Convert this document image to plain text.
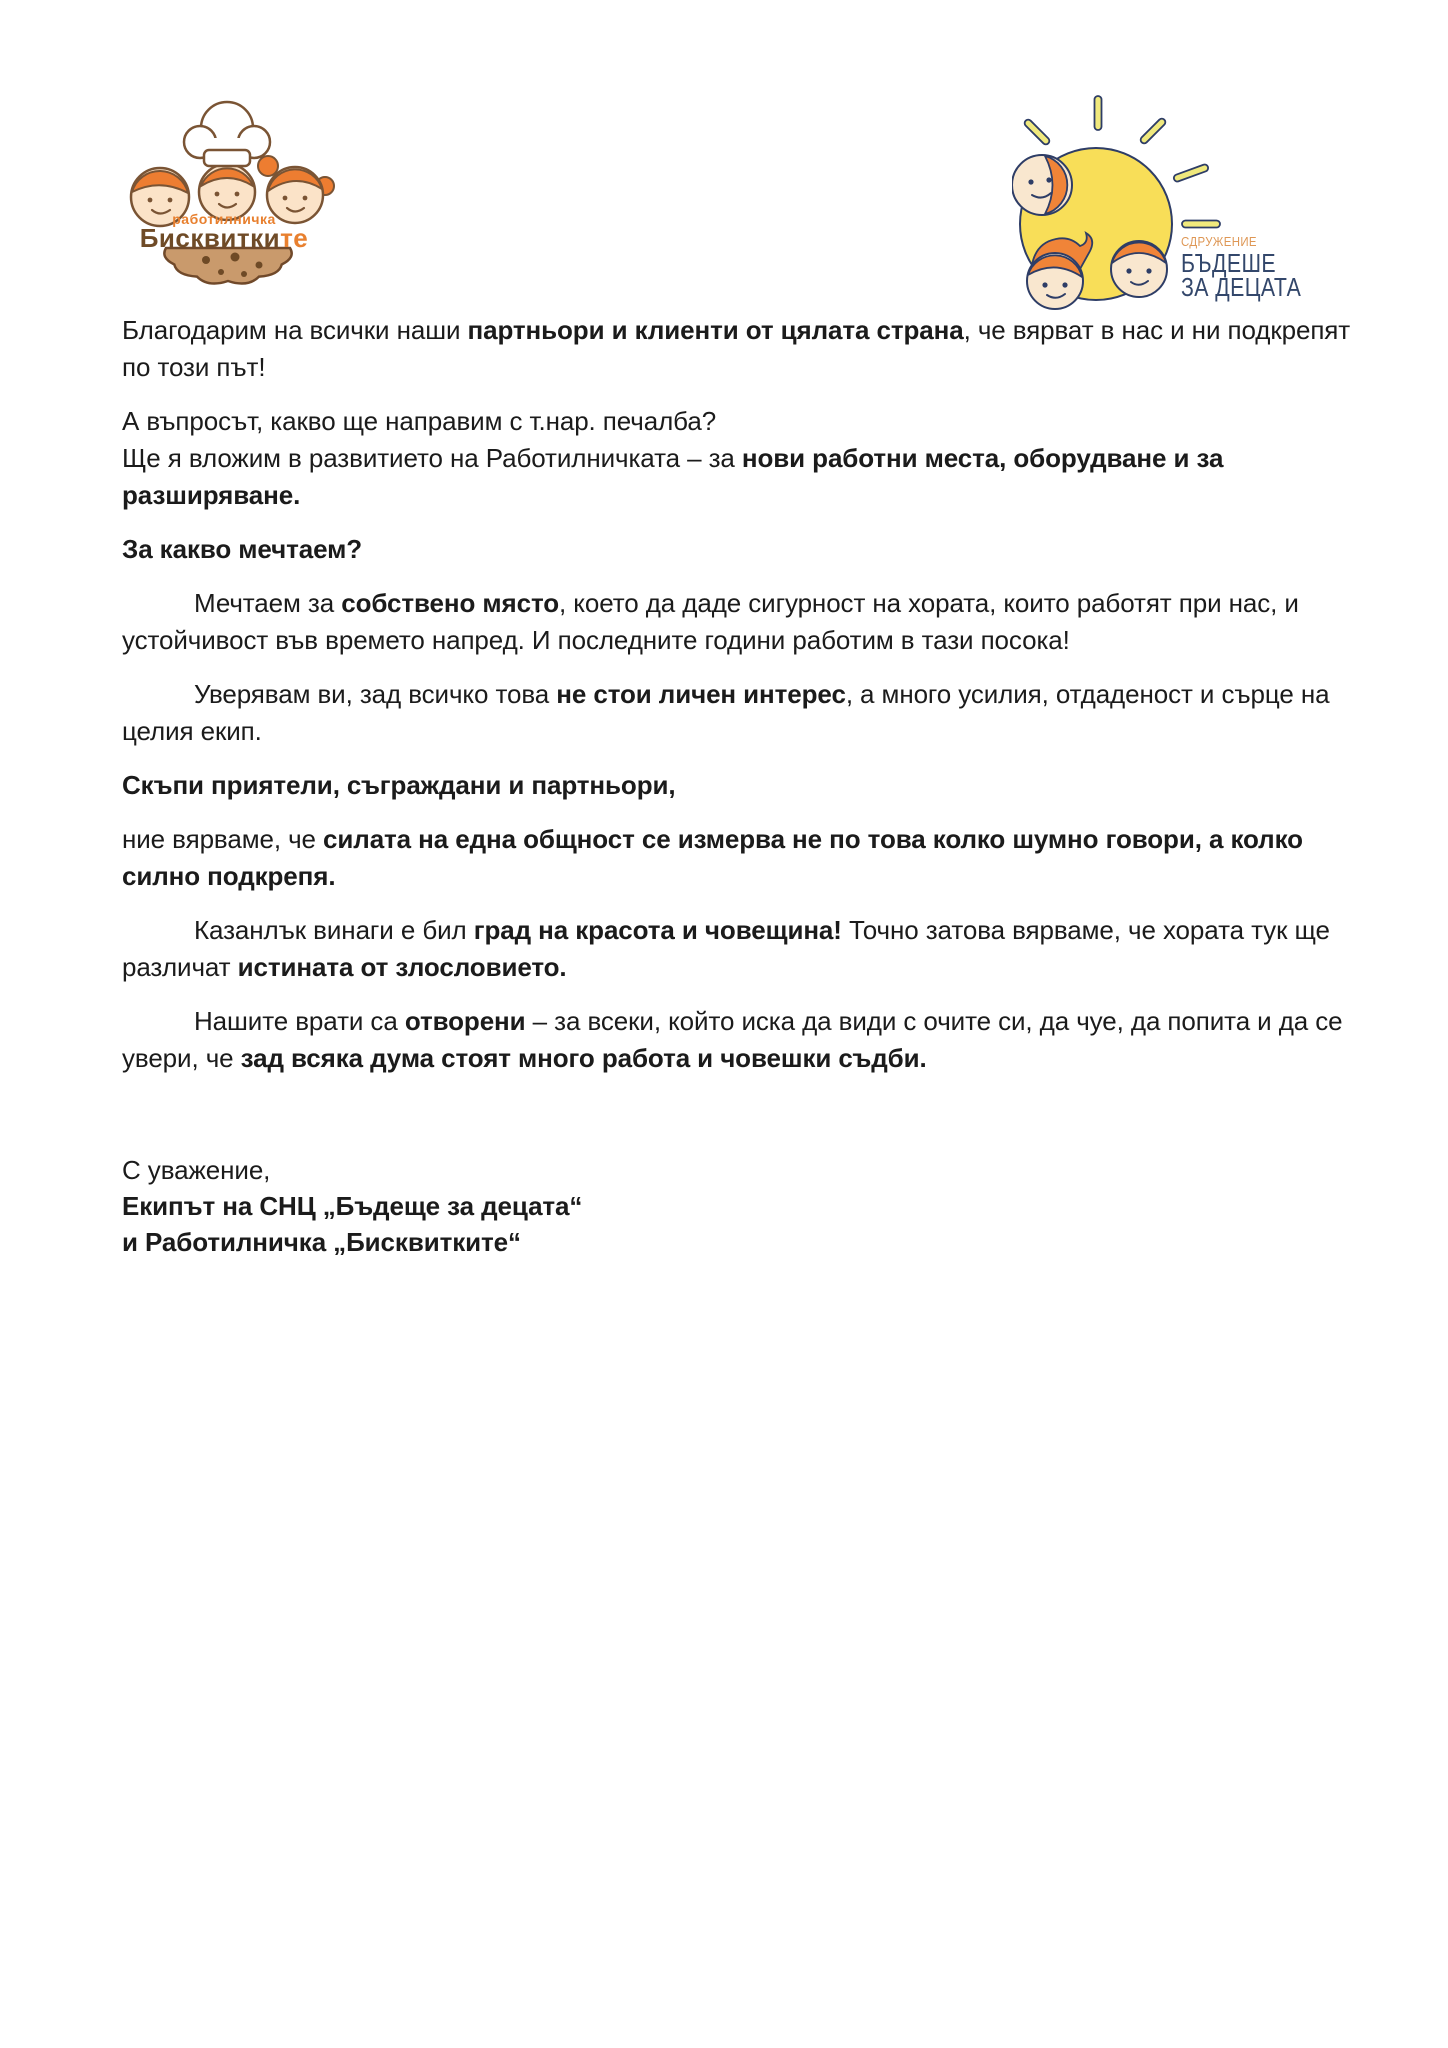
работилничка
Бисквитките	СДРУЖЕНИЕ
БЪДЕШЕ
ЗА ДЕЦАТА

Благодарим на всички наши партньори и клиенти от цялата страна, че вярват в нас и ни подкрепят по този път!

А въпросът, какво ще направим с т.нар. печалба?
Ще я вложим в развитието на Работилничката – за нови работни места, оборудване и за разширяване.

За какво мечтаем?

Мечтаем за собствено място, което да даде сигурност на хората, които работят при нас, и устойчивост във времето напред. И последните години работим в тази посока!

Уверявам ви, зад всичко това не стои личен интерес, а много усилия, отдаденост и сърце на целия екип.

Скъпи приятели, съграждани и партньори,

ние вярваме, че силата на една общност се измерва не по това колко шумно говори, а колко силно подкрепя.

Казанлък винаги е бил град на красота и човещина! Точно затова вярваме, че хората тук ще различат истината от злословието.

Нашите врати са отворени – за всеки, който иска да види с очите си, да чуе, да попита и да се увери, че зад всяка дума стоят много работа и човешки съдби.

С уважение,
Екипът на СНЦ „Бъдеще за децата“
и Работилничка „Бисквитките“
